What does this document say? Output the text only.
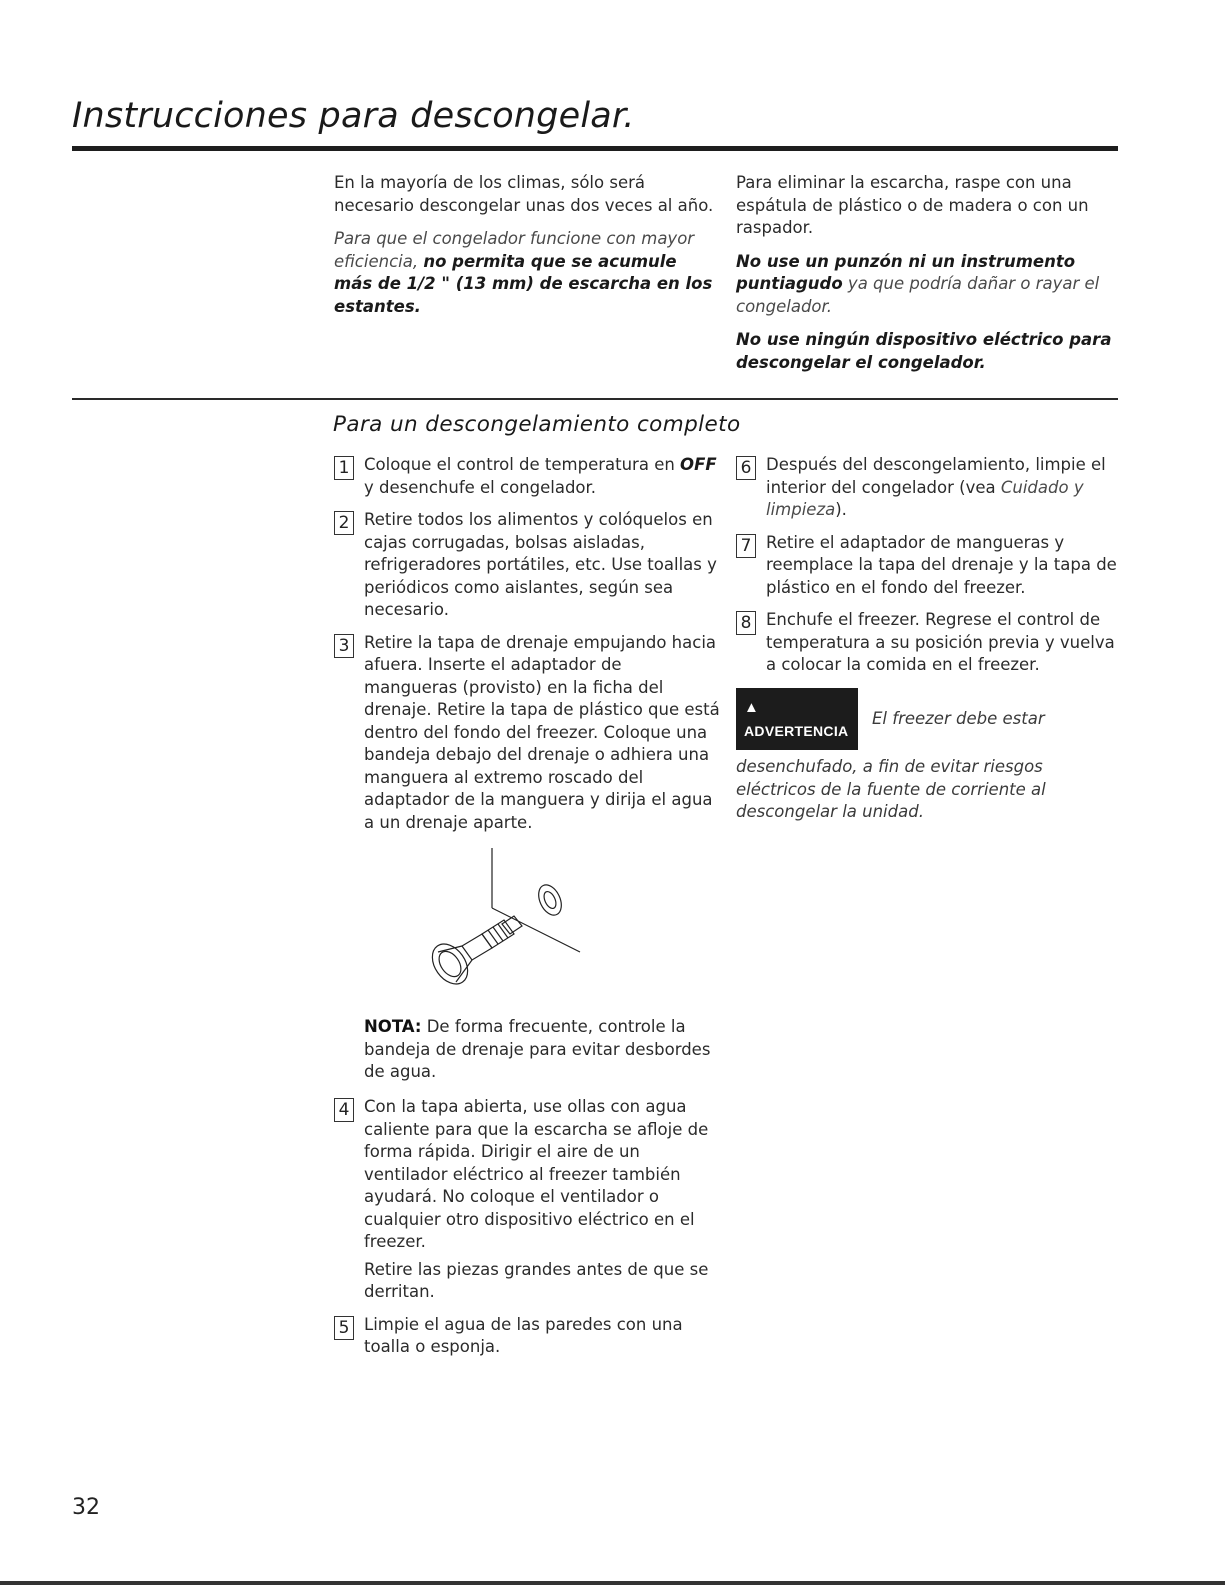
Instrucciones para descongelar.

En la mayoría de los climas, sólo será necesario descongelar unas dos veces al año.

Para que el congelador funcione con mayor eficiencia, no permita que se acumule más de 1/2 " (13 mm) de escarcha en los estantes.

Para eliminar la escarcha, raspe con una espátula de plástico o de madera o con un raspador.

No use un punzón ni un instrumento puntiagudo ya que podría dañar o rayar el congelador.

No use ningún dispositivo eléctrico para descongelar el congelador.

Para un descongelamiento completo
1 Coloque el control de temperatura en OFF y desenchufe el congelador.

2 Retire todos los alimentos y colóquelos en cajas corrugadas, bolsas aisladas, refrigeradores portátiles, etc. Use toallas y periódicos como aislantes, según sea necesario.

3 Retire la tapa de drenaje empujando hacia afuera. Inserte el adaptador de mangueras (provisto) en la ficha del drenaje. Retire la tapa de plástico que está dentro del fondo del freezer. Coloque una bandeja debajo del drenaje o adhiera una manguera al extremo roscado del adaptador de la manguera y dirija el agua a un drenaje aparte.

NOTA: De forma frecuente, controle la bandeja de drenaje para evitar desbordes de agua.
4 Con la tapa abierta, use ollas con agua caliente para que la escarcha se afloje de forma rápida. Dirigir el aire de un ventilador eléctrico al freezer también ayudará. No coloque el ventilador o cualquier otro dispositivo eléctrico en el freezer.

Retire las piezas grandes antes de que se derritan.

5 Limpie el agua de las paredes con una toalla o esponja.

6 Después del descongelamiento, limpie el interior del congelador (vea Cuidado y limpieza).

7 Retire el adaptador de mangueras y reemplace la tapa del drenaje y la tapa de plástico en el fondo del freezer.

8 Enchufe el freezer. Regrese el control de temperatura a su posición previa y vuelva a colocar la comida en el freezer.

▲ADVERTENCIAEl freezer debe estar
desenchufado, a fin de evitar riesgos eléctricos de la fuente de corriente al descongelar la unidad.
32
